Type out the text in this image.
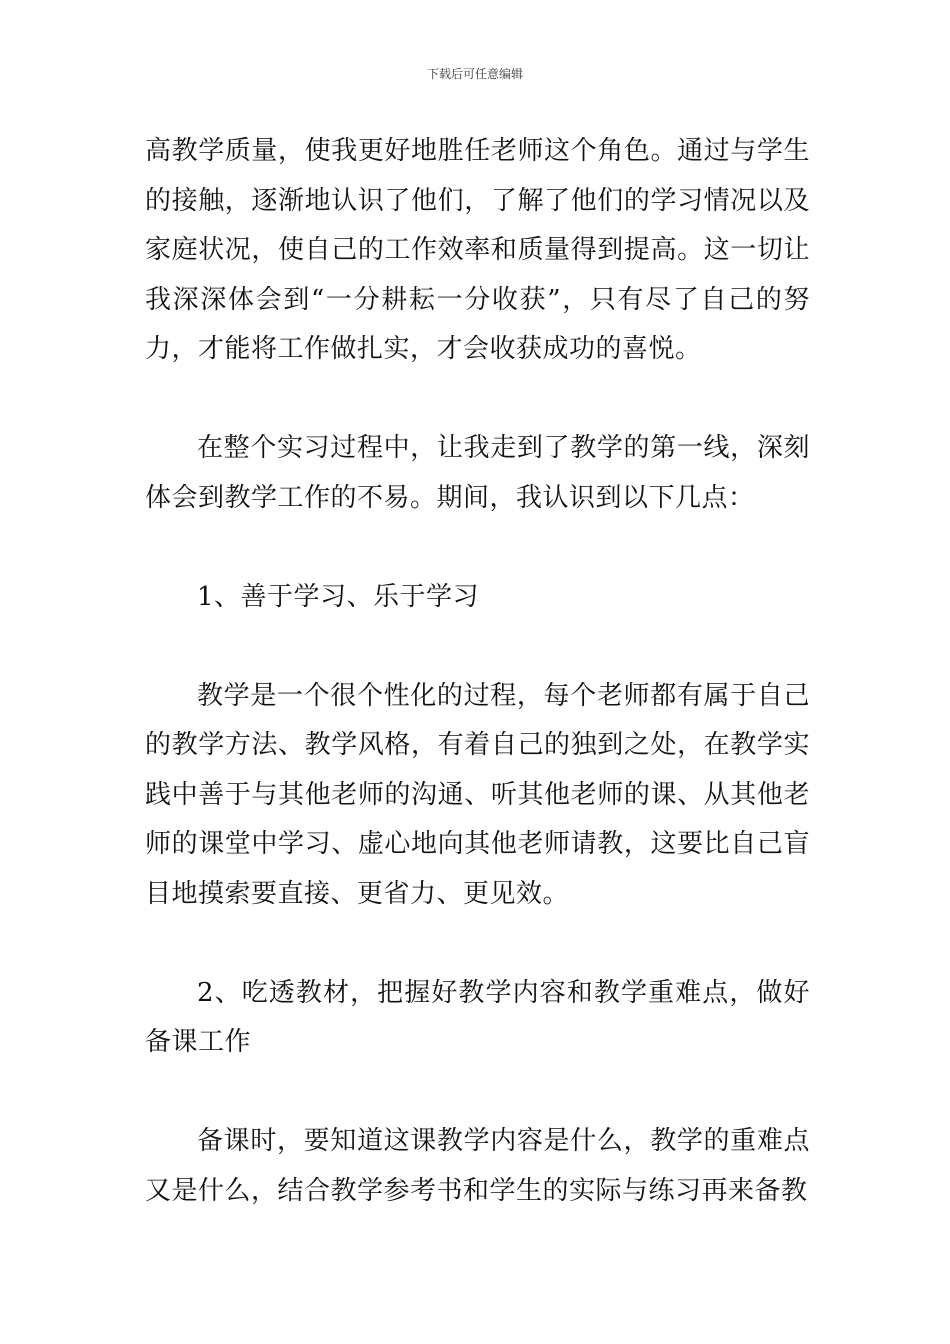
下载后可任意编辑

高教学质量，使我更好地胜任老师这个角色。通过与学生的接触，逐渐地认识了他们，了解了他们的学习情况以及家庭状况，使自己的工作效率和质量得到提高。这一切让我深深体会到“一分耕耘一分收获”，只有尽了自己的努力，才能将工作做扎实，才会收获成功的喜悦。

在整个实习过程中，让我走到了教学的第一线，深刻体会到教学工作的不易。期间，我认识到以下几点：

1、善于学习、乐于学习

教学是一个很个性化的过程，每个老师都有属于自己的教学方法、教学风格，有着自己的独到之处，在教学实践中善于与其他老师的沟通、听其他老师的课、从其他老师的课堂中学习、虚心地向其他老师请教，这要比自己盲目地摸索要直接、更省力、更见效。

2、吃透教材，把握好教学内容和教学重难点，做好备课工作

备课时，要知道这课教学内容是什么，教学的重难点又是什么，结合教学参考书和学生的实际与练习再来备教
